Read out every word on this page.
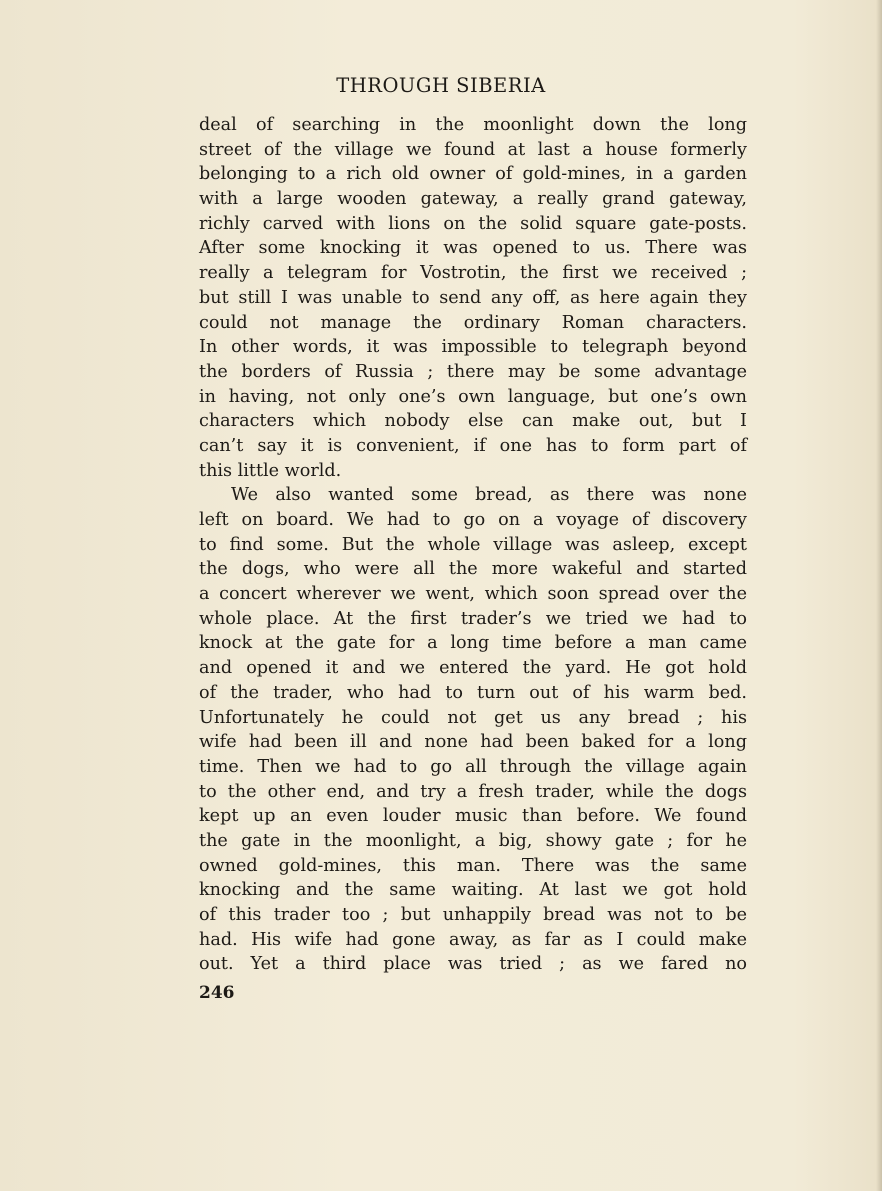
THROUGH SIBERIA
deal of searching in the moonlight down the long
street of the village we found at last a house formerly
belonging to a rich old owner of gold-mines, in a garden
with a large wooden gateway, a really grand gateway,
richly carved with lions on the solid square gate-posts.
After some knocking it was opened to us. There was
really a telegram for Vostrotin, the first we received ;
but still I was unable to send any off, as here again they
could not manage the ordinary Roman characters.
In other words, it was impossible to telegraph beyond
the borders of Russia ; there may be some advantage
in having, not only one’s own language, but one’s own
characters which nobody else can make out, but I
can’t say it is convenient, if one has to form part of
this little world.
We also wanted some bread, as there was none
left on board. We had to go on a voyage of discovery
to find some. But the whole village was asleep, except
the dogs, who were all the more wakeful and started
a concert wherever we went, which soon spread over the
whole place. At the first trader’s we tried we had to
knock at the gate for a long time before a man came
and opened it and we entered the yard. He got hold
of the trader, who had to turn out of his warm bed.
Unfortunately he could not get us any bread ; his
wife had been ill and none had been baked for a long
time. Then we had to go all through the village again
to the other end, and try a fresh trader, while the dogs
kept up an even louder music than before. We found
the gate in the moonlight, a big, showy gate ; for he
owned gold-mines, this man. There was the same
knocking and the same waiting. At last we got hold
of this trader too ; but unhappily bread was not to be
had. His wife had gone away, as far as I could make
out. Yet a third place was tried ; as we fared no
246
